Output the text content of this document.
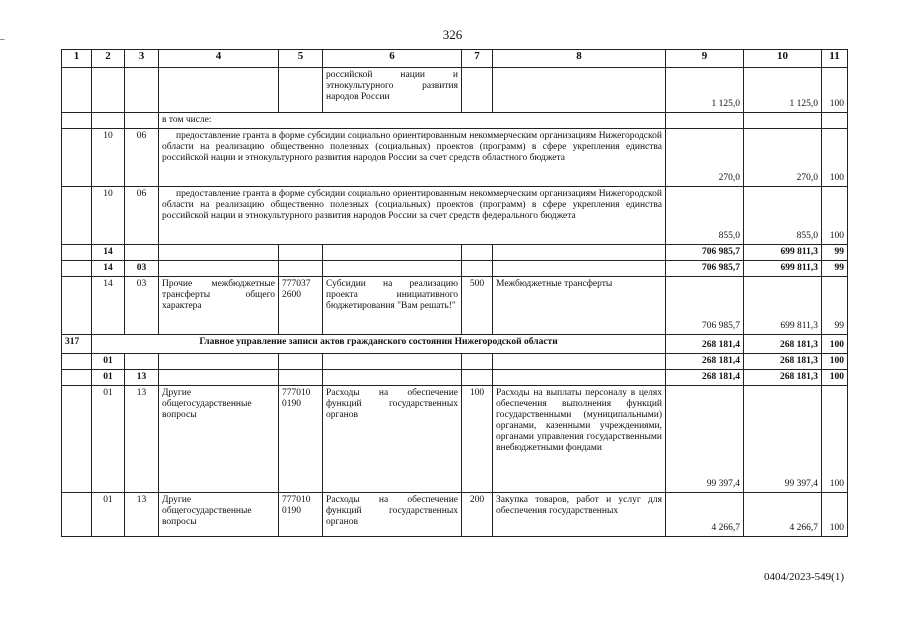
326
–
1	2	3	4	5	6	7	8	9	10	11
					российской нации и этнокультурного развития народов России			1 125,0	1 125,0	100
			в том числе:							
	10	06	предоставление гранта в форме субсидии социально ориентированным некоммерческим организациям Нижегородской области на реализацию общественно полезных (социальных) проектов (программ) в сфере укрепления единства российской нации и этнокультурного развития народов России за счет средств областного бюджета					270,0	270,0	100
	10	06	предоставление гранта в форме субсидии социально ориентированным некоммерческим организациям Нижегородской области на реализацию общественно полезных (социальных) проектов (программ) в сфере укрепления единства российской нации и этнокультурного развития народов России за счет средств федерального бюджета					855,0	855,0	100
	14							706 985,7	699 811,3	99
	14	03						706 985,7	699 811,3	99
	14	03	Прочие межбюджетные трансферты общего характера	777037 2600	Субсидии на реализацию проекта инициативного бюджетирования "Вам решать!"	500	Межбюджетные трансферты	706 985,7	699 811,3	99
317	Главное управление записи актов гражданского состояния Нижегородской области							268 181,4	268 181,3	100
	01							268 181,4	268 181,3	100
	01	13						268 181,4	268 181,3	100
	01	13	Другие общегосударственные вопросы	777010 0190	Расходы на обеспечение функций государственных органов	100	Расходы на выплаты персоналу в целях обеспечения выполнения функций государственными (муниципальными) органами, казенными учреждениями, органами управления государственными внебюджетными фондами	99 397,4	99 397,4	100
	01	13	Другие общегосударственные вопросы	777010 0190	Расходы на обеспечение функций государственных органов	200	Закупка товаров, работ и услуг для обеспечения государственных	4 266,7	4 266,7	100
0404/2023-549(1)
